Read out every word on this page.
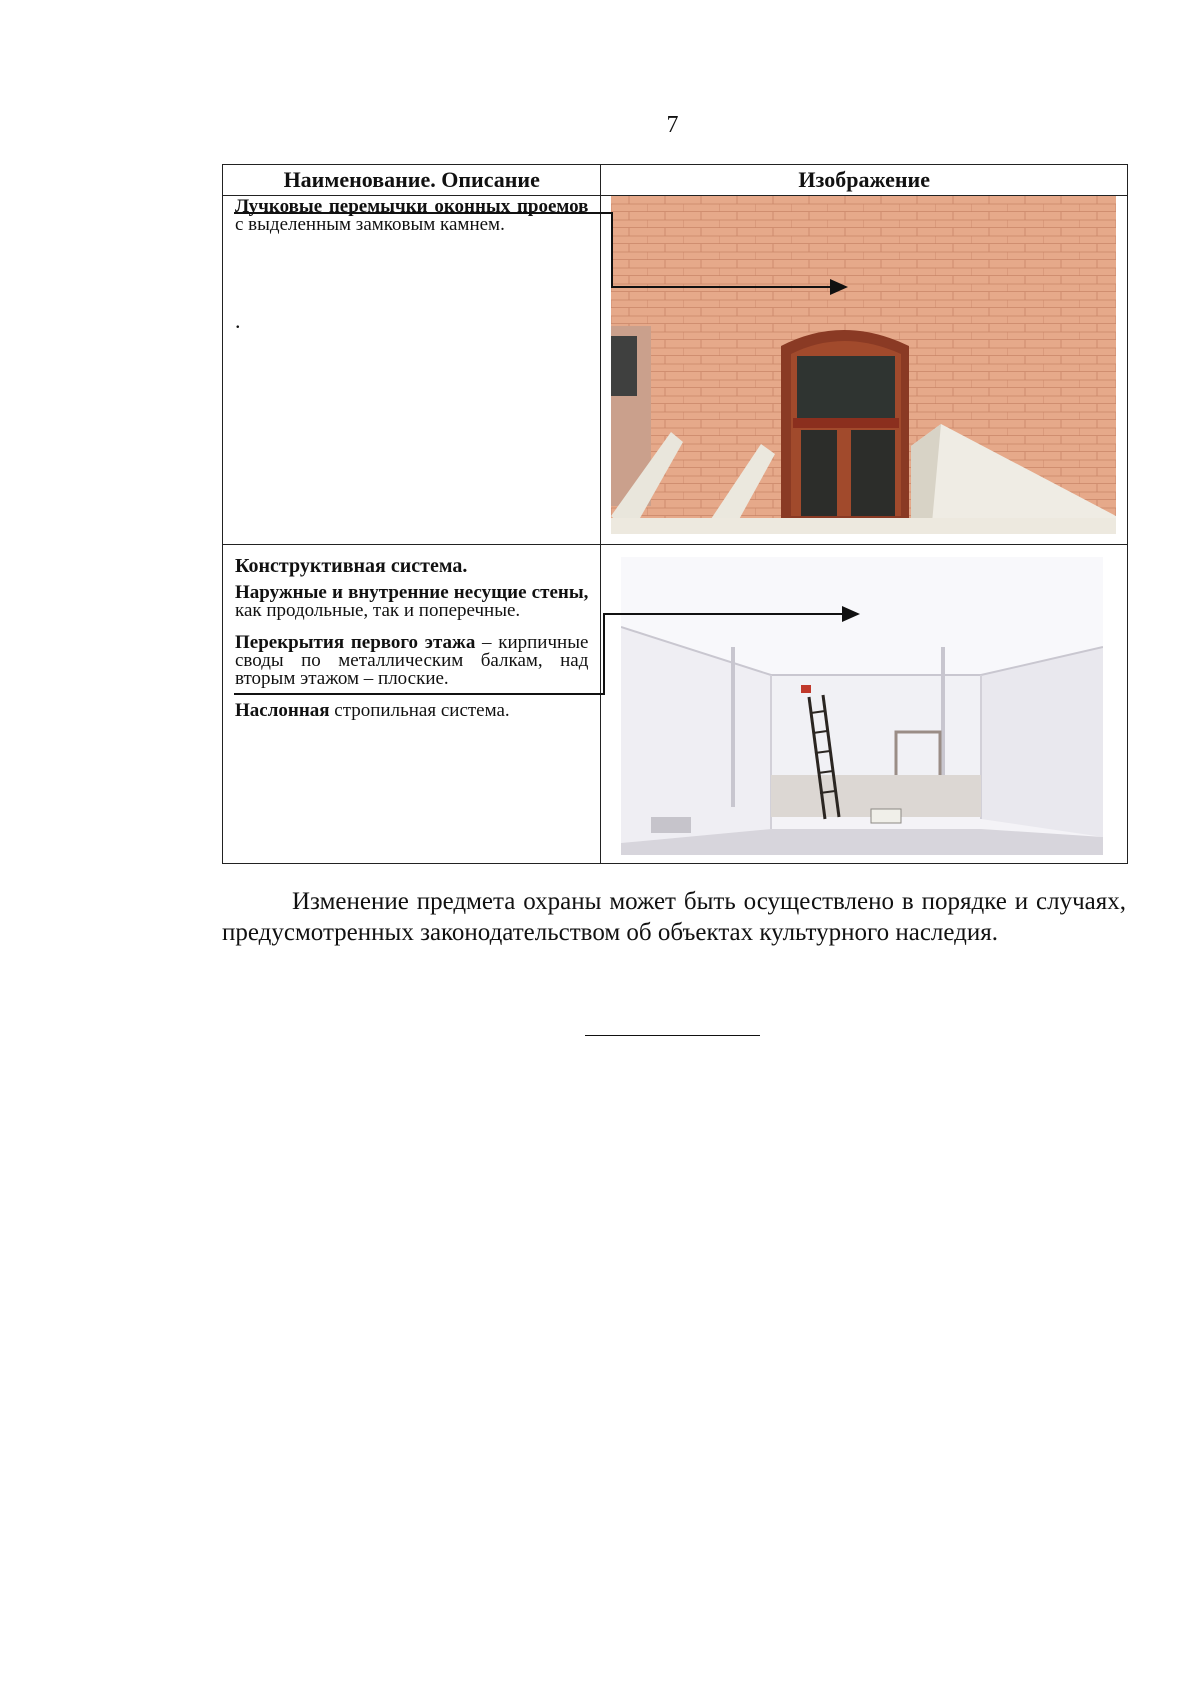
7
Наименование. Описание	Изображение

Лучковые перемычки оконных проемов с выделенным замковым камнем.
.

Конструктивная система.
Наружные и внутренние несущие стены, как продольные, так и поперечные.
Перекрытия первого этажа – кирпичные своды по металлическим балкам, над вторым этажом – плоские.
Наслонная стропильная система.

Изменение предмета охраны может быть осуществлено в порядке и случаях, предусмотренных законодательством об объектах культурного наследия.
